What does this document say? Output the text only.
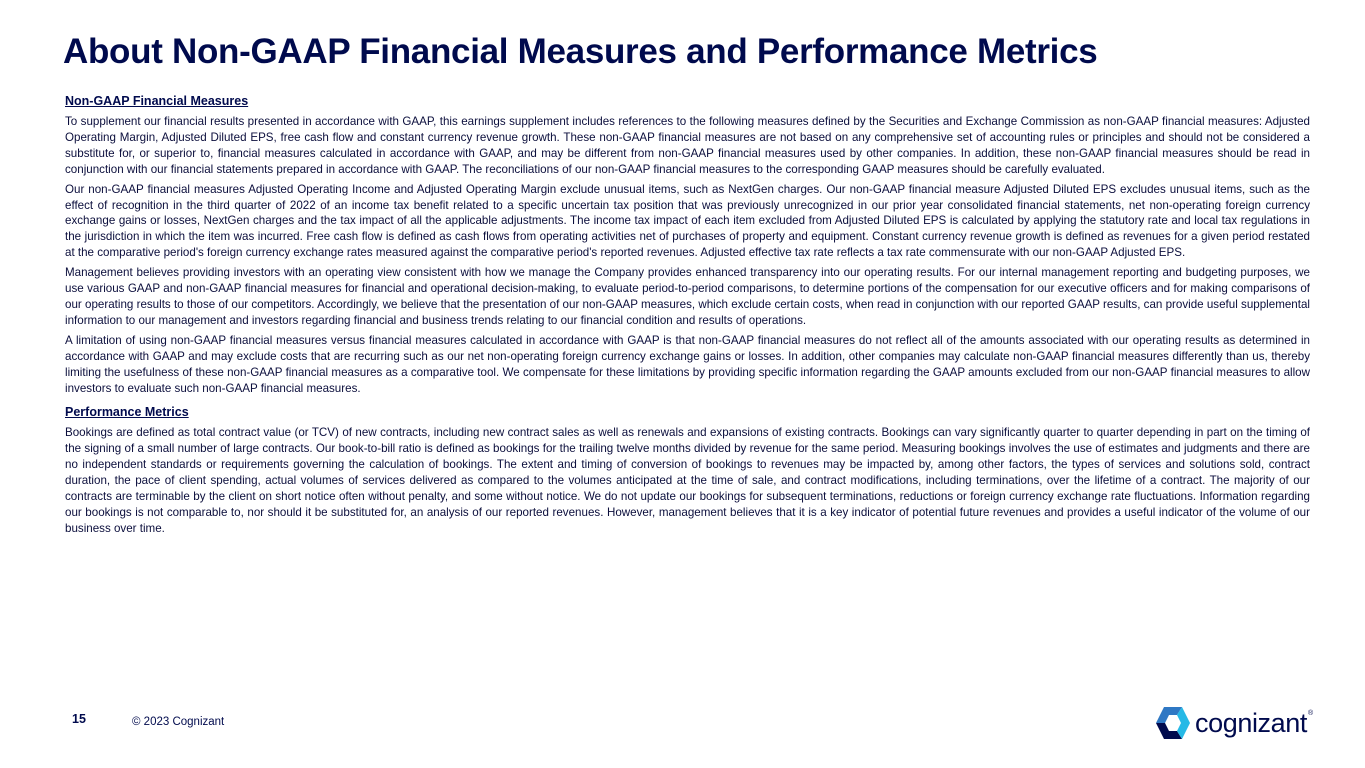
About Non-GAAP Financial Measures and Performance Metrics
Non-GAAP Financial Measures

To supplement our financial results presented in accordance with GAAP, this earnings supplement includes references to the following measures defined by the Securities and Exchange Commission as non-GAAP financial measures: Adjusted Operating Margin, Adjusted Diluted EPS, free cash flow and constant currency revenue growth. These non-GAAP financial measures are not based on any comprehensive set of accounting rules or principles and should not be considered a substitute for, or superior to, financial measures calculated in accordance with GAAP, and may be different from non-GAAP financial measures used by other companies. In addition, these non-GAAP financial measures should be read in conjunction with our financial statements prepared in accordance with GAAP. The reconciliations of our non-GAAP financial measures to the corresponding GAAP measures should be carefully evaluated.

Our non-GAAP financial measures Adjusted Operating Income and Adjusted Operating Margin exclude unusual items, such as NextGen charges. Our non-GAAP financial measure Adjusted Diluted EPS excludes unusual items, such as the effect of recognition in the third quarter of 2022 of an income tax benefit related to a specific uncertain tax position that was previously unrecognized in our prior year consolidated financial statements, net non-operating foreign currency exchange gains or losses, NextGen charges and the tax impact of all the applicable adjustments. The income tax impact of each item excluded from Adjusted Diluted EPS is calculated by applying the statutory rate and local tax regulations in the jurisdiction in which the item was incurred. Free cash flow is defined as cash flows from operating activities net of purchases of property and equipment. Constant currency revenue growth is defined as revenues for a given period restated at the comparative period's foreign currency exchange rates measured against the comparative period's reported revenues. Adjusted effective tax rate reflects a tax rate commensurate with our non-GAAP Adjusted EPS.

Management believes providing investors with an operating view consistent with how we manage the Company provides enhanced transparency into our operating results. For our internal management reporting and budgeting purposes, we use various GAAP and non-GAAP financial measures for financial and operational decision-making, to evaluate period-to-period comparisons, to determine portions of the compensation for our executive officers and for making comparisons of our operating results to those of our competitors. Accordingly, we believe that the presentation of our non-GAAP measures, which exclude certain costs, when read in conjunction with our reported GAAP results, can provide useful supplemental information to our management and investors regarding financial and business trends relating to our financial condition and results of operations.

A limitation of using non-GAAP financial measures versus financial measures calculated in accordance with GAAP is that non-GAAP financial measures do not reflect all of the amounts associated with our operating results as determined in accordance with GAAP and may exclude costs that are recurring such as our net non-operating foreign currency exchange gains or losses. In addition, other companies may calculate non-GAAP financial measures differently than us, thereby limiting the usefulness of these non-GAAP financial measures as a comparative tool. We compensate for these limitations by providing specific information regarding the GAAP amounts excluded from our non-GAAP financial measures to allow investors to evaluate such non-GAAP financial measures.

Performance Metrics

Bookings are defined as total contract value (or TCV) of new contracts, including new contract sales as well as renewals and expansions of existing contracts. Bookings can vary significantly quarter to quarter depending in part on the timing of the signing of a small number of large contracts. Our book-to-bill ratio is defined as bookings for the trailing twelve months divided by revenue for the same period. Measuring bookings involves the use of estimates and judgments and there are no independent standards or requirements governing the calculation of bookings. The extent and timing of conversion of bookings to revenues may be impacted by, among other factors, the types of services and solutions sold, contract duration, the pace of client spending, actual volumes of services delivered as compared to the volumes anticipated at the time of sale, and contract modifications, including terminations, over the lifetime of a contract. The majority of our contracts are terminable by the client on short notice often without penalty, and some without notice. We do not update our bookings for subsequent terminations, reductions or foreign currency exchange rate fluctuations. Information regarding our bookings is not comparable to, nor should it be substituted for, an analysis of our reported revenues. However, management believes that it is a key indicator of potential future revenues and provides a useful indicator of the volume of our business over time.

15	© 2023 Cognizant	cognizant ®
